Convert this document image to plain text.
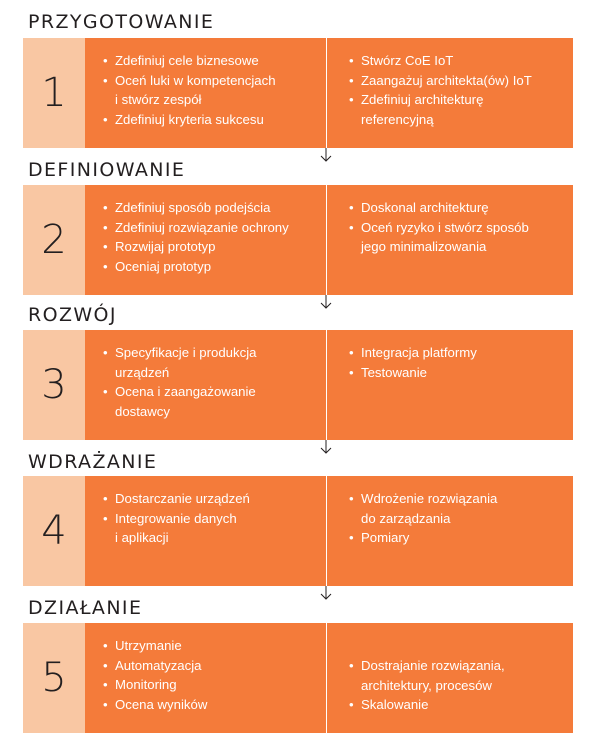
PRZYGOTOWANIE
1
• Zdefiniuj cele biznesowe
• Oceń luki w kompetencjach
i stwórz zespół
• Zdefiniuj kryteria sukcesu
• Stwórz CoE IoT
• Zaangażuj architekta(ów) IoT
• Zdefiniuj architekturę
referencyjną
DEFINIOWANIE
2
• Zdefiniuj sposób podejścia
• Zdefiniuj rozwiązanie ochrony
• Rozwijaj prototyp
• Oceniaj prototyp
• Doskonal architekturę
• Oceń ryzyko i stwórz sposób
jego minimalizowania
ROZWÓJ
3
• Specyfikacje i produkcja
urządzeń
• Ocena i zaangażowanie
dostawcy
• Integracja platformy
• Testowanie
WDRAŻANIE
4
• Dostarczanie urządzeń
• Integrowanie danych
i aplikacji
• Wdrożenie rozwiązania
do zarządzania
• Pomiary
DZIAŁANIE
5
• Utrzymanie
• Automatyzacja
• Monitoring
• Ocena wyników
• Dostrajanie rozwiązania,
architektury, procesów
• Skalowanie
